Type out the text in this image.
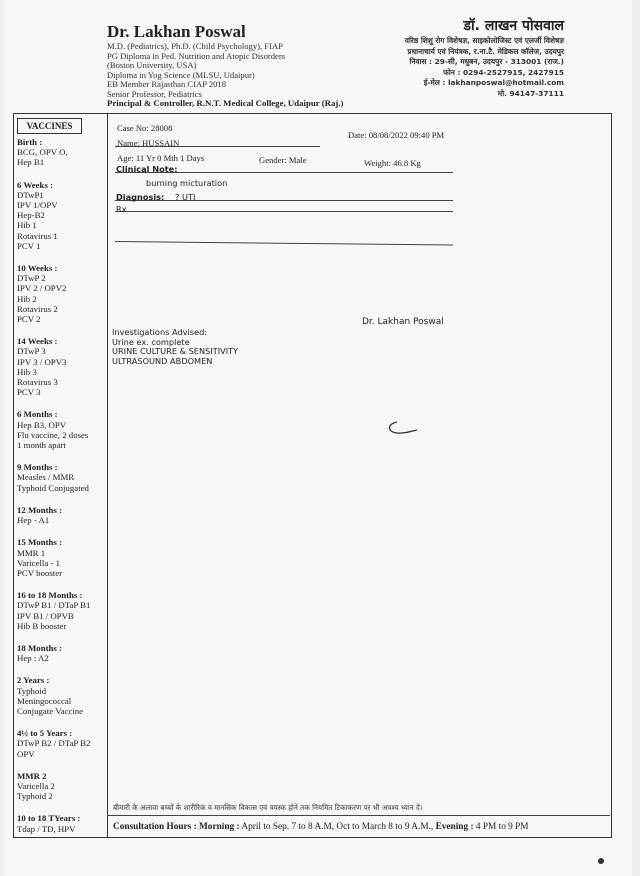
Dr. Lakhan Poswal
M.D. (Pediatrics), Ph.D. (Child Psychology), FIAP
PG Diploma in Ped. Nutrition and Atopic Disorders
(Boston University, USA)
Diploma in Yog Science (MLSU, Udaipur)
EB Member Rajasthan CIAP 2018
Senior Professor, Pediatrics
Principal & Controller, R.N.T. Medical College, Udaipur (Raj.)
डॉ. लाखन पोसवाल
वरिष्ठ शिशु रोग विशेषज्ञ, साइकोलोजिस्ट एवं एलर्जी विशेषज्ञ
प्रधानाचार्य एवं नियंत्रक, र.ना.टै. मेडिकल कॉलेज, उदयपुर
निवास : 29-सी, मधुबन, उदयपुर - 313001 (राज.)
फोन : 0294-2527915, 2427915
ई-मेल : lakhanposwal@hotmail.com
मो. 94147-37111
VACCINES
Birth :
BCG, OPV O,
Hep B1
6 Weeks :
DTwP1
IPV 1/OPV
Hep-B2
Hib 1
Rotavirus 1
PCV 1
10 Weeks :
DTwP 2
IPV 2 / OPV2
Hib 2
Rotavirus 2
PCV 2
14 Weeks :
DTwP 3
IPV 3 / OPV3
Hib 3
Rotavirus 3
PCV 3
6 Months :
Hep B3, OPV
Flu vaccine, 2 doses
1 month apart
9 Months :
Measles / MMR
Typhoid Conjugated
12 Months :
Hep - A1
15 Months :
MMR 1
Varicella - 1
PCV booster
16 to 18 Months :
DTwP B1 / DTaP B1
IPV B1 / OPVB
Hib B booster
18 Months :
Hep : A2
2 Years :
Typhoid
Meningococcal
Conjugate Vaccine
4½ to 5 Years :
DTwP B2 / DTaP B2
OPV
MMR 2
Varicella 2
Typhoid 2
10 to 18 TYears :
Tdap / TD, HPV
Case No: 28008
Date: 08/08/2022 09:40 PM
Name: HUSSAIN
Age: 11 Yr 0 Mth 1 Days	Gender: Male	Weight: 46.8 Kg
Clinical Note:
burning micturation
Diagnosis: ? UTI
Rx
Dr. Lakhan Poswal
Investigations Advised:
Urine ex. complete
URINE CULTURE & SENSITIVITY
ULTRASOUND ABDOMEN
बीमारी के अलावा बच्चों के शारीरिक व मानसिक विकास एवं वयस्क होने तक नियमित टिकाकरण पर भी अवश्य ध्यान दें।
Consultation Hours : Morning : April to Sep. 7 to 8 A.M, Oct to March 8 to 9 A.M., Evening : 4 PM to 9 PM
